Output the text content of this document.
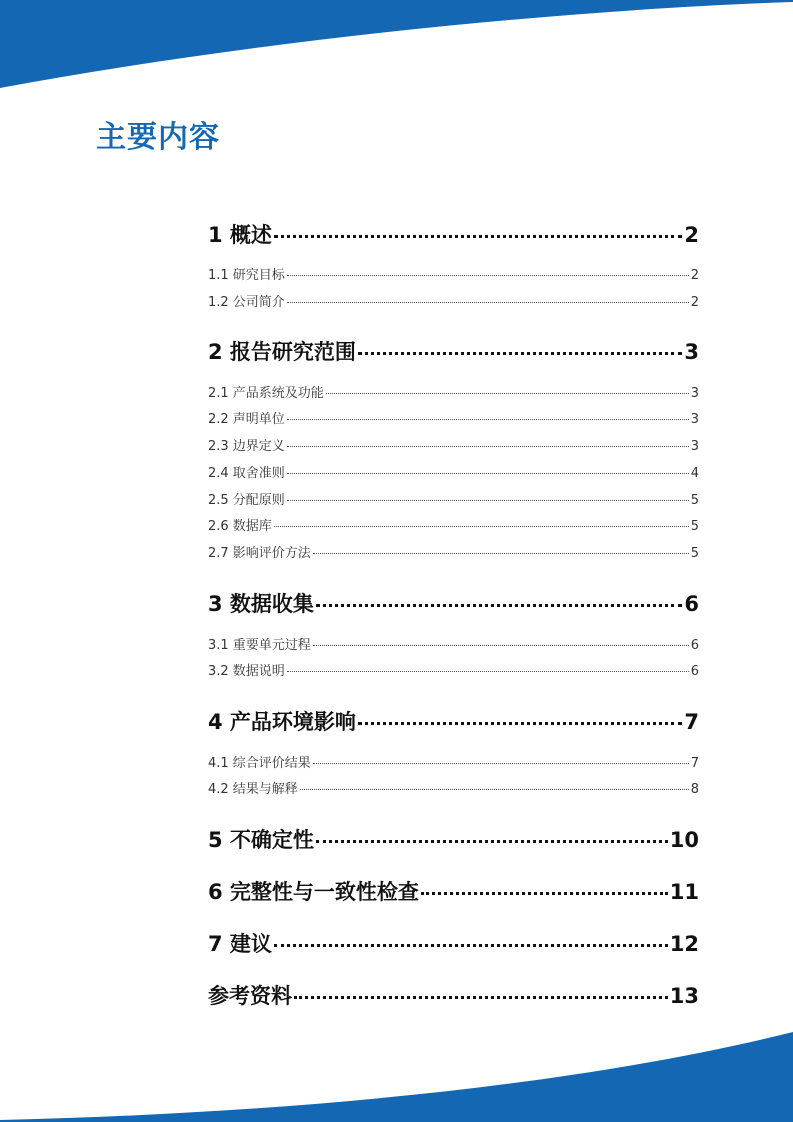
主要内容
1 概述	2
1.1 研究目标	2
1.2 公司简介	2
2 报告研究范围	3
2.1 产品系统及功能	3
2.2 声明单位	3
2.3 边界定义	3
2.4 取舍准则	4
2.5 分配原则	5
2.6 数据库	5
2.7 影响评价方法	5
3 数据收集	6
3.1 重要单元过程	6
3.2 数据说明	6
4 产品环境影响	7
4.1 综合评价结果	7
4.2 结果与解释	8
5 不确定性	10
6 完整性与一致性检查	11
7 建议	12
参考资料	13
